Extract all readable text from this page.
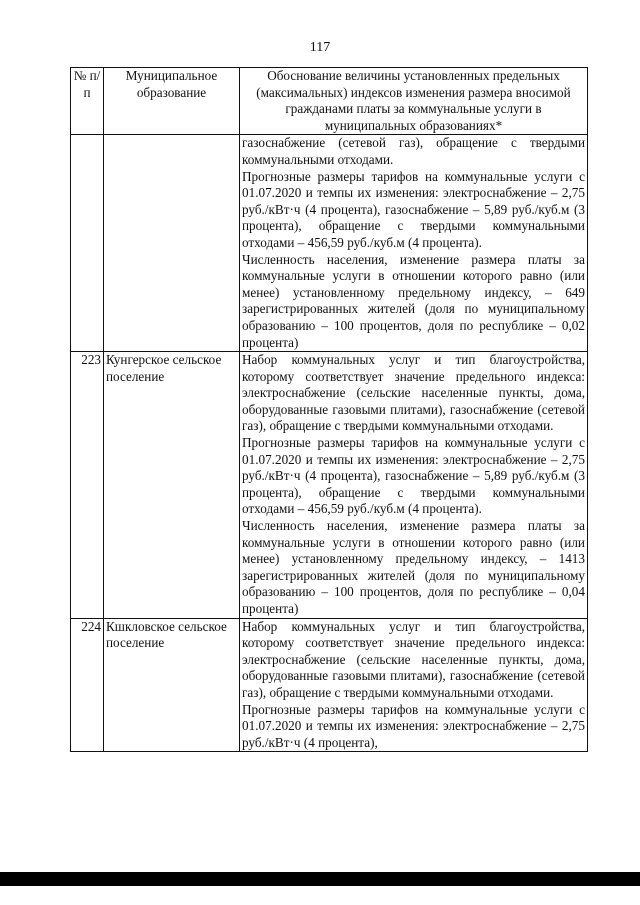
117
№ п/п	Муниципальное образование	Обоснование величины установленных предельных (максимальных) индексов изменения размера вносимой гражданами платы за коммунальные услуги в муниципальных образованиях*

		газоснабжение (сетевой газ), обращение с твердыми коммунальными отходами.
Прогнозные размеры тарифов на коммунальные услуги с 01.07.2020 и темпы их изменения: электроснабжение – 2,75 руб./кВт·ч (4 процента), газоснабжение – 5,89 руб./куб.м (3 процента), обращение с твердыми коммунальными отходами – 456,59 руб./куб.м (4 процента).
Численность населения, изменение размера платы за коммунальные услуги в отношении которого равно (или менее) установленному предельному индексу, – 649 зарегистрированных жителей (доля по муниципальному образованию – 100 процентов, доля по республике – 0,02 процента)

223	Кунгерское сельское поселение	Набор коммунальных услуг и тип благоустройства, которому соответствует значение предельного индекса: электроснабжение (сельские населенные пункты, дома, оборудованные газовыми плитами), газоснабжение (сетевой газ), обращение с твердыми коммунальными отходами.
Прогнозные размеры тарифов на коммунальные услуги с 01.07.2020 и темпы их изменения: электроснабжение – 2,75 руб./кВт·ч (4 процента), газоснабжение – 5,89 руб./куб.м (3 процента), обращение с твердыми коммунальными отходами – 456,59 руб./куб.м (4 процента).
Численность населения, изменение размера платы за коммунальные услуги в отношении которого равно (или менее) установленному предельному индексу, – 1413 зарегистрированных жителей (доля по муниципальному образованию – 100 процентов, доля по республике – 0,04 процента)

224	Кшкловское сельское поселение	Набор коммунальных услуг и тип благоустройства, которому соответствует значение предельного индекса: электроснабжение (сельские населенные пункты, дома, оборудованные газовыми плитами), газоснабжение (сетевой газ), обращение с твердыми коммунальными отходами.
Прогнозные размеры тарифов на коммунальные услуги с 01.07.2020 и темпы их изменения: электроснабжение – 2,75 руб./кВт·ч (4 процента),
